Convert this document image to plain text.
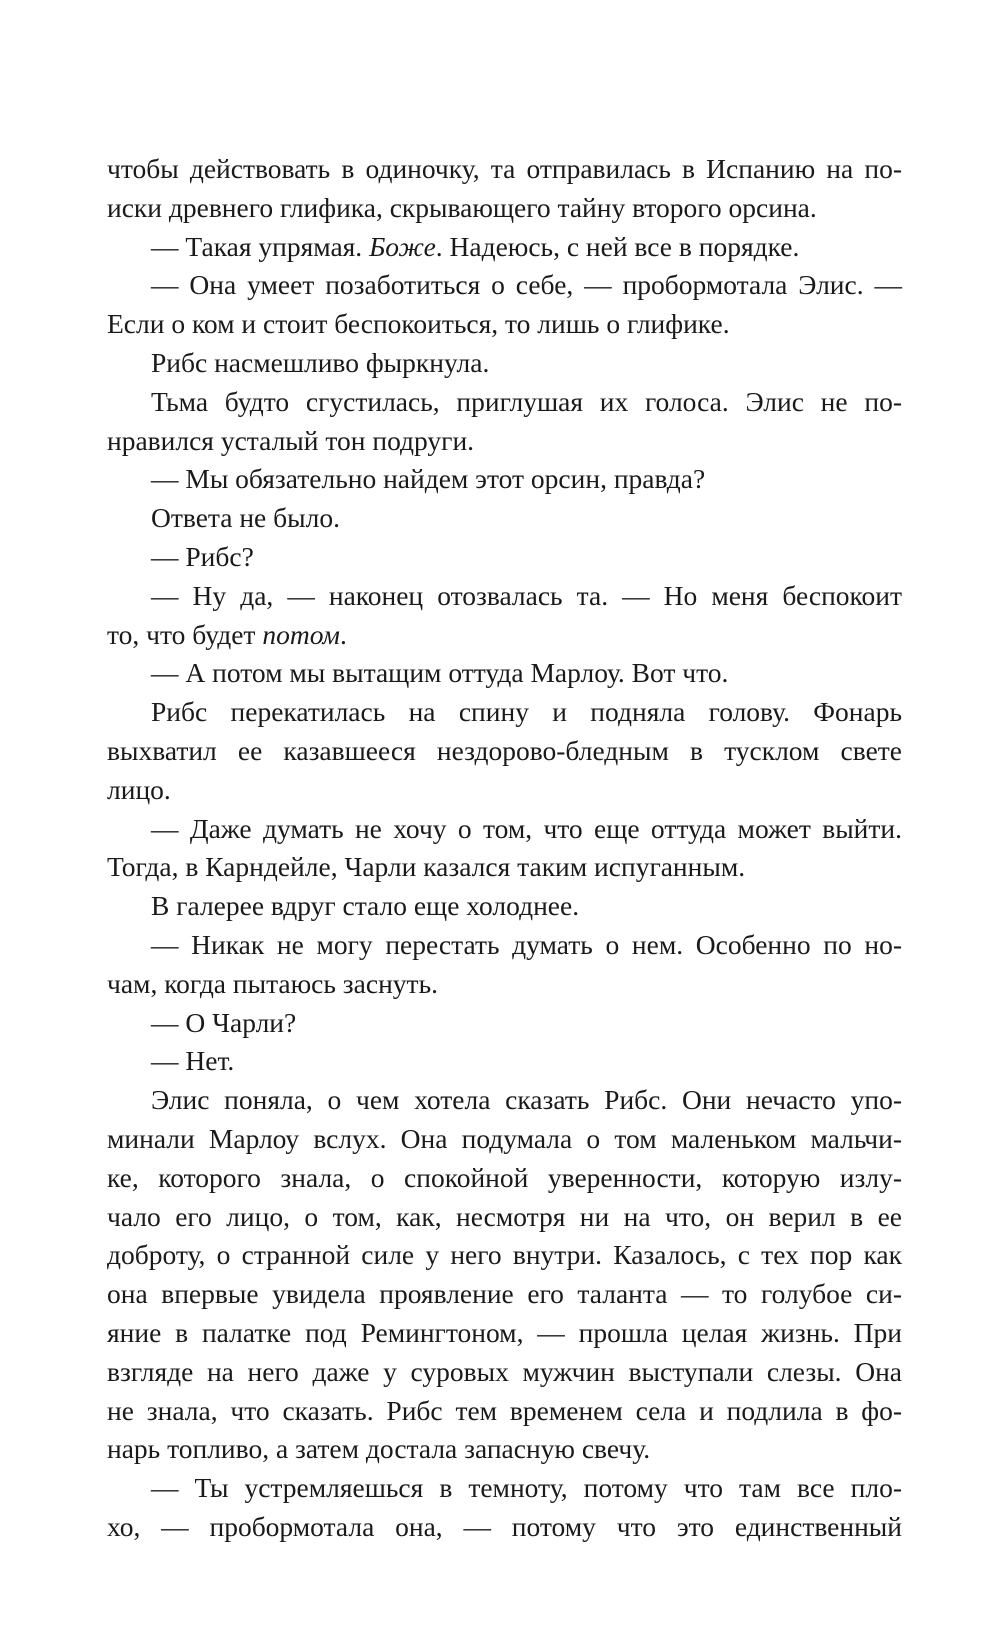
чтобы действовать в одиночку, та отправилась в Испанию на по-
иски древнего глифика, скрывающего тайну второго орсина.
— Такая упрямая. Боже. Надеюсь, с ней все в порядке.
— Она умеет позаботиться о себе, — пробормотала Элис. —
Если о ком и стоит беспокоиться, то лишь о глифике.
Рибс насмешливо фыркнула.
Тьма будто сгустилась, приглушая их голоса. Элис не по-
нравился усталый тон подруги.
— Мы обязательно найдем этот орсин, правда?
Ответа не было.
— Рибс?
— Ну да, — наконец отозвалась та. — Но меня беспокоит
то, что будет потом.
— А потом мы вытащим оттуда Марлоу. Вот что.
Рибс перекатилась на спину и подняла голову. Фонарь
выхватил ее казавшееся нездорово-бледным в тусклом свете
лицо.
— Даже думать не хочу о том, что еще оттуда может выйти.
Тогда, в Карндейле, Чарли казался таким испуганным.
В галерее вдруг стало еще холоднее.
— Никак не могу перестать думать о нем. Особенно по но-
чам, когда пытаюсь заснуть.
— О Чарли?
— Нет.
Элис поняла, о чем хотела сказать Рибс. Они нечасто упо-
минали Марлоу вслух. Она подумала о том маленьком мальчи-
ке, которого знала, о спокойной уверенности, которую излу-
чало его лицо, о том, как, несмотря ни на что, он верил в ее
доброту, о странной силе у него внутри. Казалось, с тех пор как
она впервые увидела проявление его таланта — то голубое си-
яние в палатке под Ремингтоном, — прошла целая жизнь. При
взгляде на него даже у суровых мужчин выступали слезы. Она
не знала, что сказать. Рибс тем временем села и подлила в фо-
нарь топливо, а затем достала запасную свечу.
— Ты устремляешься в темноту, потому что там все пло-
хо, — пробормотала она, — потому что это единственный
